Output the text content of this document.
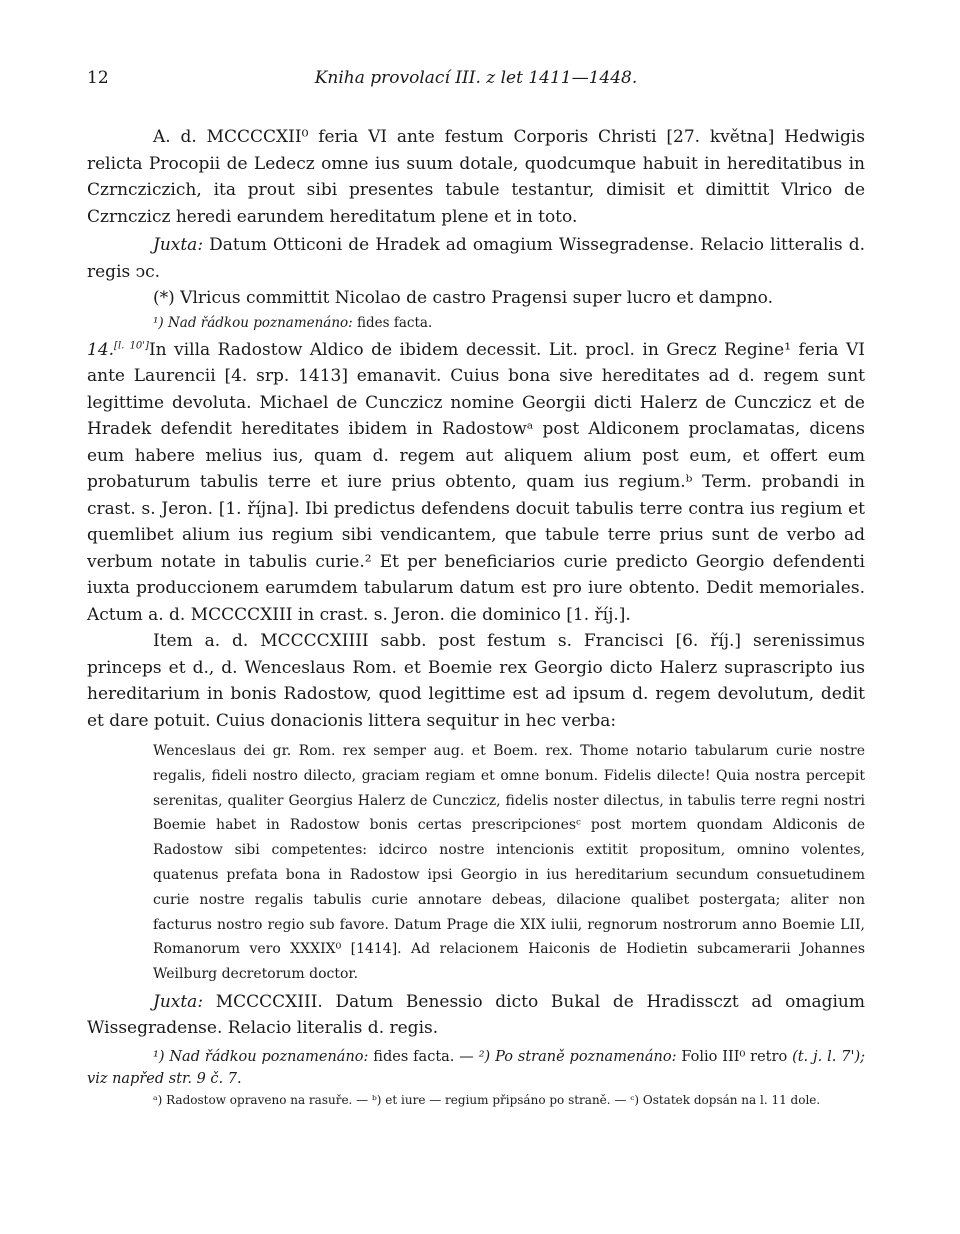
12	Kniha provolací III. z let 1411—1448.

A. d. MCCCCXII⁰ feria VI ante festum Corporis Christi [27. května] Hedwigis relicta Procopii de Ledecz omne ius suum dotale, quodcumque habuit in hereditatibus in Czrncziczich, ita prout sibi presentes tabule testantur, dimisit et dimittit Vlrico de Czrnczicz heredi earundem hereditatum plene et in toto.

Juxta: Datum Otticoni de Hradek ad omagium Wissegradense. Relacio litteralis d. regis ↄc.

(*) Vlricus committit Nicolao de castro Pragensi super lucro et dampno.

¹) Nad řádkou poznamenáno: fides facta.

14.[l. 10']In villa Radostow Aldico de ibidem decessit. Lit. procl. in Grecz Regine¹ feria VI ante Laurencii [4. srp. 1413] emanavit. Cuius bona sive hereditates ad d. regem sunt legittime devoluta. Michael de Cunczicz nomine Georgii dicti Halerz de Cunczicz et de Hradek defendit hereditates ibidem in Radostowᵃ post Aldiconem proclamatas, dicens eum habere melius ius, quam d. regem aut aliquem alium post eum, et offert eum probaturum tabulis terre et iure prius obtento, quam ius regium.ᵇ Term. probandi in crast. s. Jeron. [1. října]. Ibi predictus defendens docuit tabulis terre contra ius regium et quemlibet alium ius regium sibi vendicantem, que tabule terre prius sunt de verbo ad verbum notate in tabulis curie.² Et per beneficiarios curie predicto Georgio defendenti iuxta produccionem earumdem tabularum datum est pro iure obtento. Dedit memoriales. Actum a. d. MCCCCXIII in crast. s. Jeron. die dominico [1. říj.].

Item a. d. MCCCCXIIII sabb. post festum s. Francisci [6. říj.] serenissimus princeps et d., d. Wenceslaus Rom. et Boemie rex Georgio dicto Halerz suprascripto ius hereditarium in bonis Radostow, quod legittime est ad ipsum d. regem devolutum, dedit et dare potuit. Cuius donacionis littera sequitur in hec verba:

Wenceslaus dei gr. Rom. rex semper aug. et Boem. rex. Thome notario tabularum curie nostre regalis, fideli nostro dilecto, graciam regiam et omne bonum. Fidelis dilecte! Quia nostra percepit serenitas, qualiter Georgius Halerz de Cunczicz, fidelis noster dilectus, in tabulis terre regni nostri Boemie habet in Radostow bonis certas prescripcionesᶜ post mortem quondam Aldiconis de Radostow sibi competentes: idcirco nostre intencionis extitit propositum, omnino volentes, quatenus prefata bona in Radostow ipsi Georgio in ius hereditarium secundum consuetudinem curie nostre regalis tabulis curie annotare debeas, dilacione qualibet postergata; aliter non facturus nostro regio sub favore. Datum Prage die XIX iulii, regnorum nostrorum anno Boemie LII, Romanorum vero XXXIX⁰ [1414]. Ad relacionem Haiconis de Hodietin subcamerarii Johannes Weilburg decretorum doctor.

Juxta: MCCCCXIII. Datum Benessio dicto Bukal de Hradissczt ad omagium Wissegradense. Relacio literalis d. regis.

¹) Nad řádkou poznamenáno: fides facta. — ²) Po straně poznamenáno: Folio III⁰ retro (t. j. l. 7'); viz napřed str. 9 č. 7.

ᵃ) Radostow opraveno na rasuře. — ᵇ) et iure — regium připsáno po straně. — ᶜ) Ostatek dopsán na l. 11 dole.
